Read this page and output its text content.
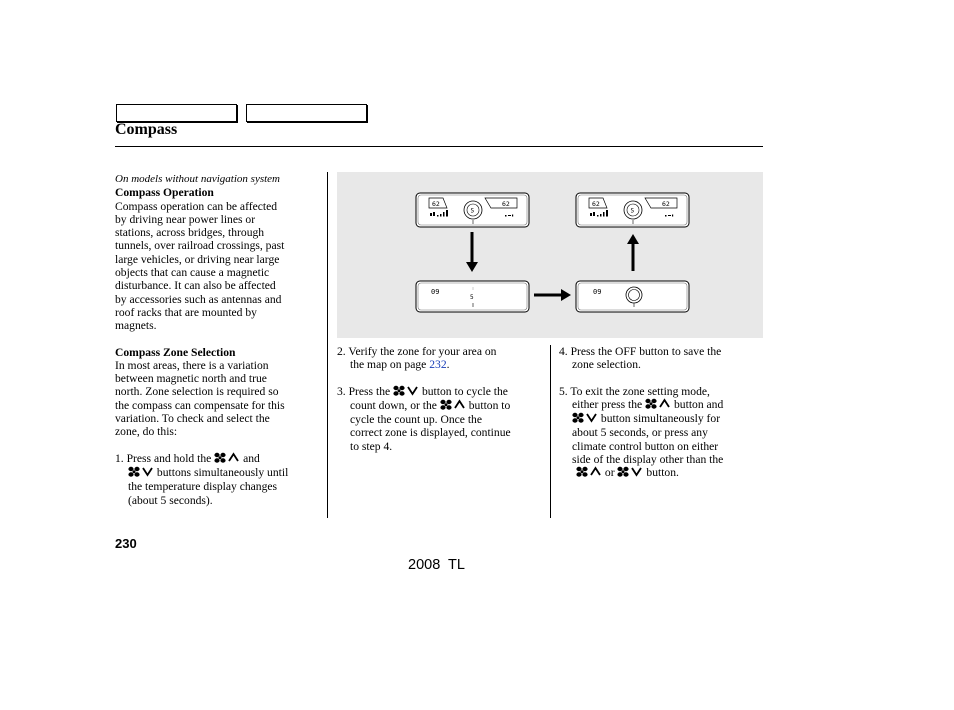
Compass

On models without navigation system

Compass Operation

Compass operation can be affected
by driving near power lines or
stations, across bridges, through
tunnels, over railroad crossings, past
large vehicles, or driving near large
objects that can cause a magnetic
disturbance. It can also be affected
by accessories such as antennas and
roof racks that are mounted by
magnets.

Compass Zone Selection

In most areas, there is a variation
between magnetic north and true
north. Zone selection is required so
the compass can compensate for this
variation. To check and select the
zone, do this:
1. Press and hold the	and
buttons simultaneously until
the temperature display changes
(about 5 seconds).
62	62
S
62	62
S
09
5
09
2. Verify the zone for your area on
the map on page 232.
3. Press the	button to cycle the
count down, or the	button to
cycle the count up. Once the
correct zone is displayed, continue
to step 4.
4. Press the OFF button to save the
zone selection.
5. To exit the zone setting mode,
either press the	button and
button simultaneously for
about 5 seconds, or press any
climate control button on either
side of the display other than the
or	button.
230
2008  TL
